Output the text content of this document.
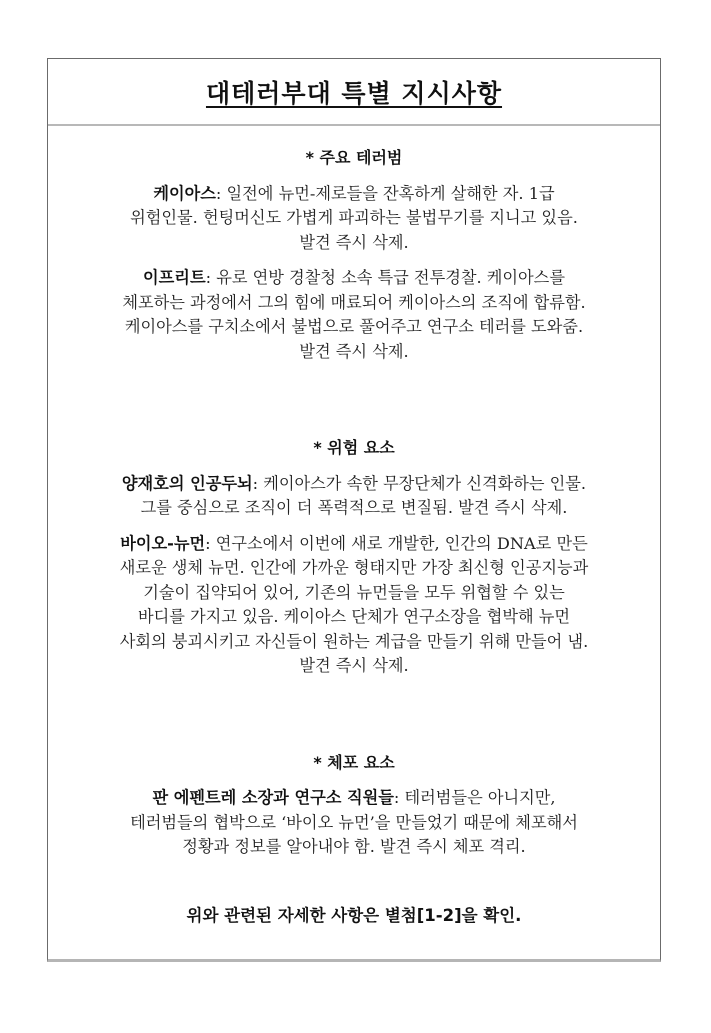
대테러부대 특별 지시사항
* 주요 테러범

케이아스: 일전에 뉴먼-제로들을 잔혹하게 살해한 자. 1급
위험인물. 헌팅머신도 가볍게 파괴하는 불법무기를 지니고 있음.
발견 즉시 삭제.

이프리트: 유로 연방 경찰청 소속 특급 전투경찰. 케이아스를
체포하는 과정에서 그의 힘에 매료되어 케이아스의 조직에 합류함.
케이아스를 구치소에서 불법으로 풀어주고 연구소 테러를 도와줌.
발견 즉시 삭제.

* 위험 요소

양재호의 인공두뇌: 케이아스가 속한 무장단체가 신격화하는 인물.
그를 중심으로 조직이 더 폭력적으로 변질됨. 발견 즉시 삭제.

바이오-뉴먼: 연구소에서 이번에 새로 개발한, 인간의 DNA로 만든
새로운 생체 뉴먼. 인간에 가까운 형태지만 가장 최신형 인공지능과
기술이 집약되어 있어, 기존의 뉴먼들을 모두 위협할 수 있는
바디를 가지고 있음. 케이아스 단체가 연구소장을 협박해 뉴먼
사회의 붕괴시키고 자신들이 원하는 계급을 만들기 위해 만들어 냄.
발견 즉시 삭제.

* 체포 요소

판 에펜트레 소장과 연구소 직원들: 테러범들은 아니지만,
테러범들의 협박으로 ‘바이오 뉴먼’을 만들었기 때문에 체포해서
정황과 정보를 알아내야 함. 발견 즉시 체포 격리.

위와 관련된 자세한 사항은 별첨[1-2]을 확인.
